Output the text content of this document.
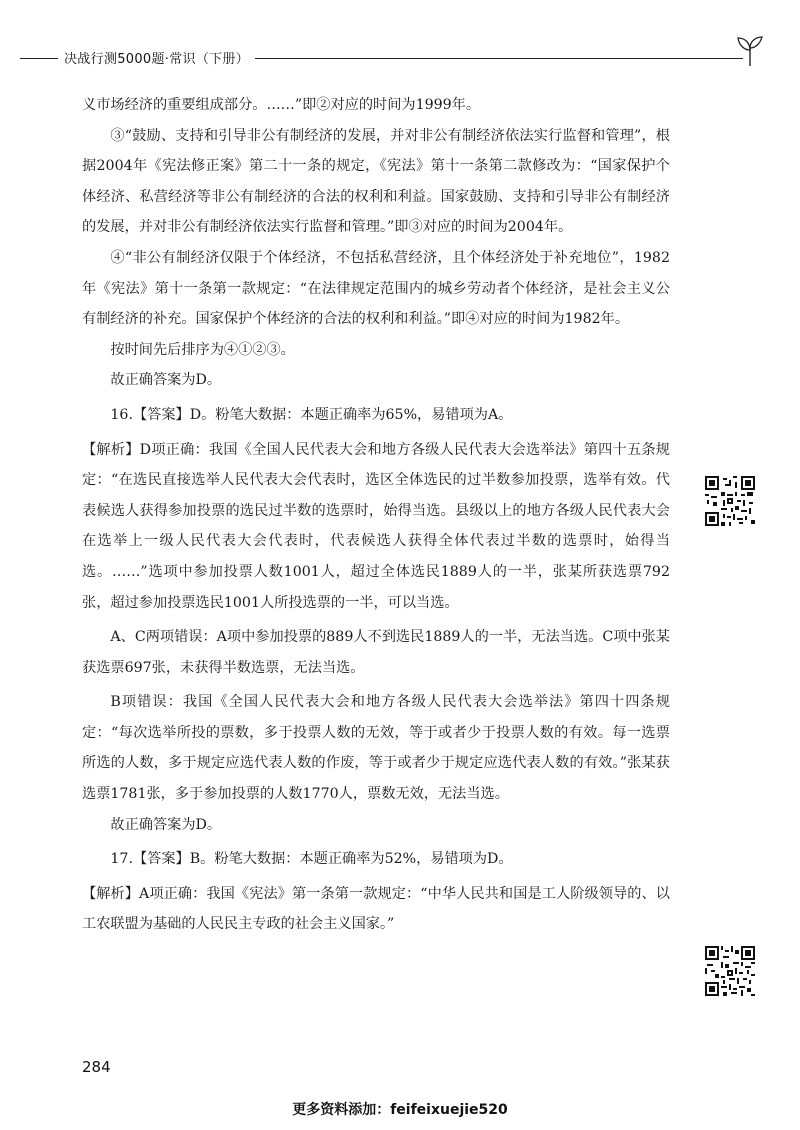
决战行测5000题·常识（下册）

义市场经济的重要组成部分。……”即②对应的时间为1999年。

③“鼓励、支持和引导非公有制经济的发展，并对非公有制经济依法实行监督和管理”，根据2004年《宪法修正案》第二十一条的规定，《宪法》第十一条第二款修改为：“国家保护个体经济、私营经济等非公有制经济的合法的权利和利益。国家鼓励、支持和引导非公有制经济的发展，并对非公有制经济依法实行监督和管理。”即③对应的时间为2004年。

④“非公有制经济仅限于个体经济，不包括私营经济，且个体经济处于补充地位”，1982年《宪法》第十一条第一款规定：“在法律规定范围内的城乡劳动者个体经济，是社会主义公有制经济的补充。国家保护个体经济的合法的权利和利益。”即④对应的时间为1982年。

按时间先后排序为④①②③。

故正确答案为D。

16.【答案】D。粉笔大数据：本题正确率为65%，易错项为A。

【解析】D项正确：我国《全国人民代表大会和地方各级人民代表大会选举法》第四十五条规定：“在选民直接选举人民代表大会代表时，选区全体选民的过半数参加投票，选举有效。代表候选人获得参加投票的选民过半数的选票时，始得当选。县级以上的地方各级人民代表大会在选举上一级人民代表大会代表时，代表候选人获得全体代表过半数的选票时，始得当选。……”选项中参加投票人数1001人，超过全体选民1889人的一半，张某所获选票792张，超过参加投票选民1001人所投选票的一半，可以当选。

A、C两项错误：A项中参加投票的889人不到选民1889人的一半，无法当选。C项中张某获选票697张，未获得半数选票，无法当选。

B项错误：我国《全国人民代表大会和地方各级人民代表大会选举法》第四十四条规定：“每次选举所投的票数，多于投票人数的无效，等于或者少于投票人数的有效。每一选票所选的人数，多于规定应选代表人数的作废，等于或者少于规定应选代表人数的有效。”张某获选票1781张，多于参加投票的人数1770人，票数无效，无法当选。

故正确答案为D。

17.【答案】B。粉笔大数据：本题正确率为52%，易错项为D。

【解析】A项正确：我国《宪法》第一条第一款规定：“中华人民共和国是工人阶级领导的、以工农联盟为基础的人民民主专政的社会主义国家。”

284
更多资料添加：feifeixuejie520
